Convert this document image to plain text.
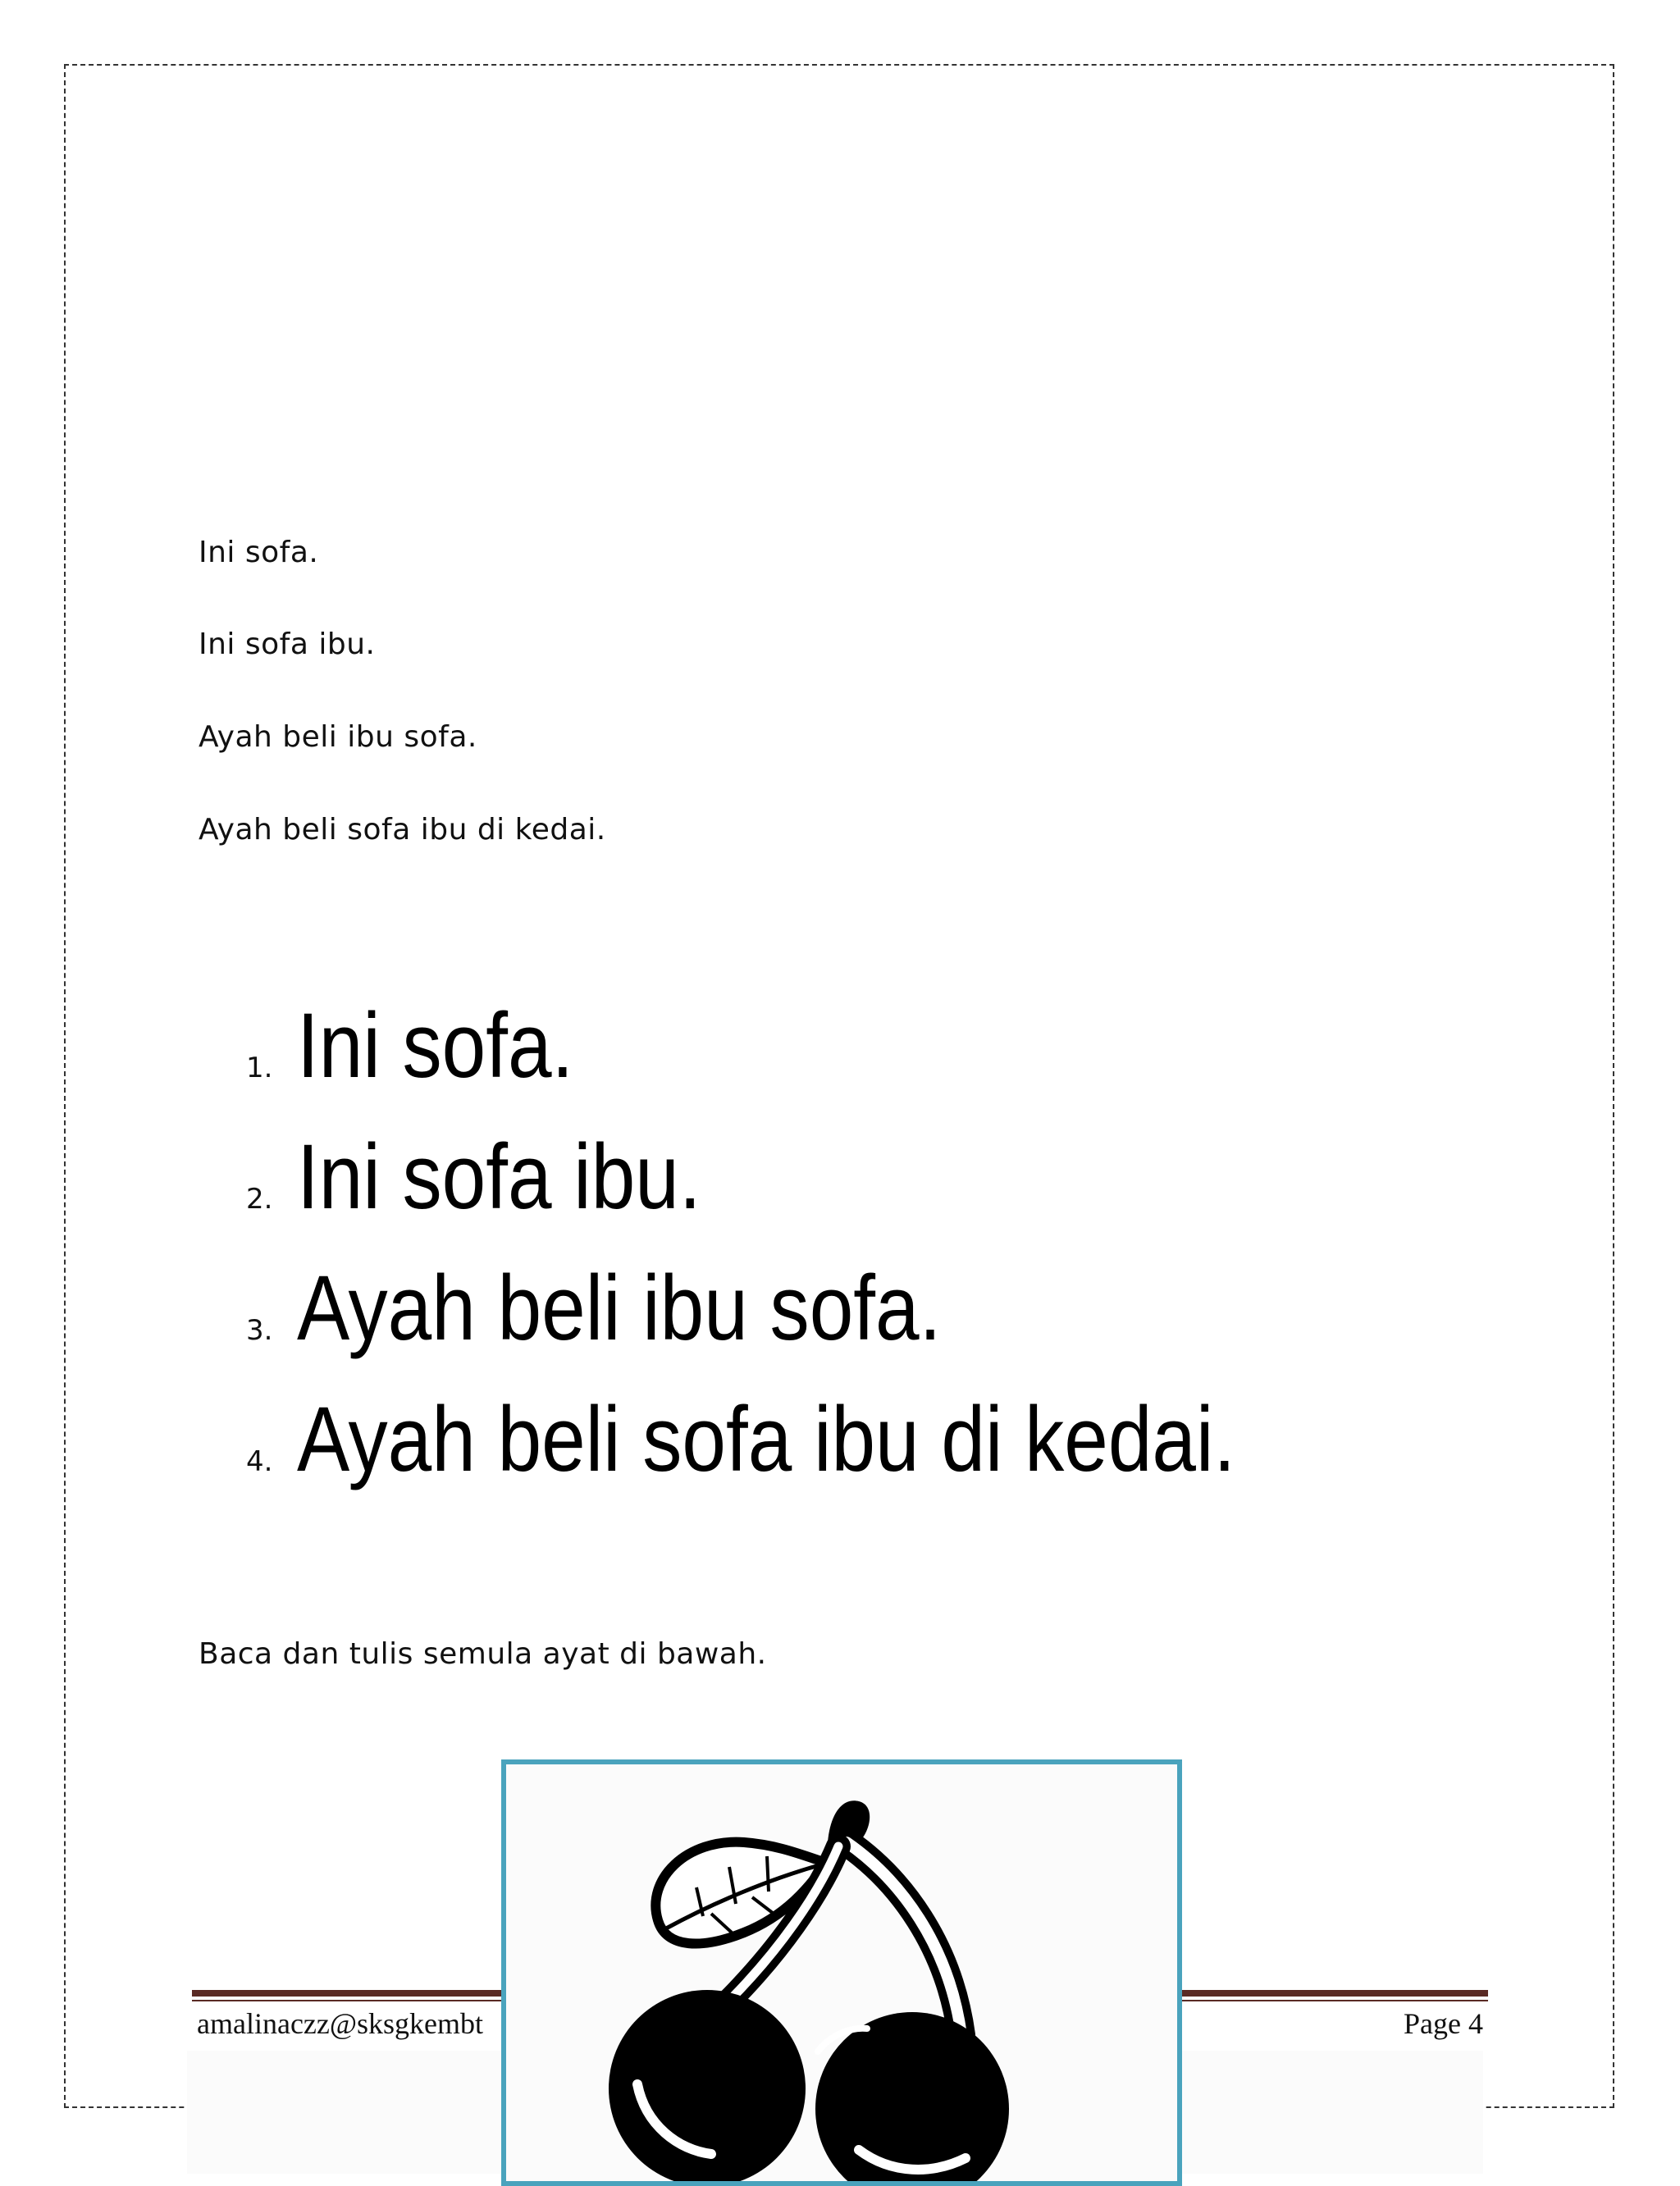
Ini sofa.
Ini sofa ibu.
Ayah beli ibu sofa.
Ayah beli sofa ibu di kedai.
1. Ini sofa.
2. Ini sofa ibu.
3. Ayah beli ibu sofa.
4. Ayah beli sofa ibu di kedai.
Baca dan tulis semula ayat di bawah.
amalinaczz@sksgkembt	Page 4
